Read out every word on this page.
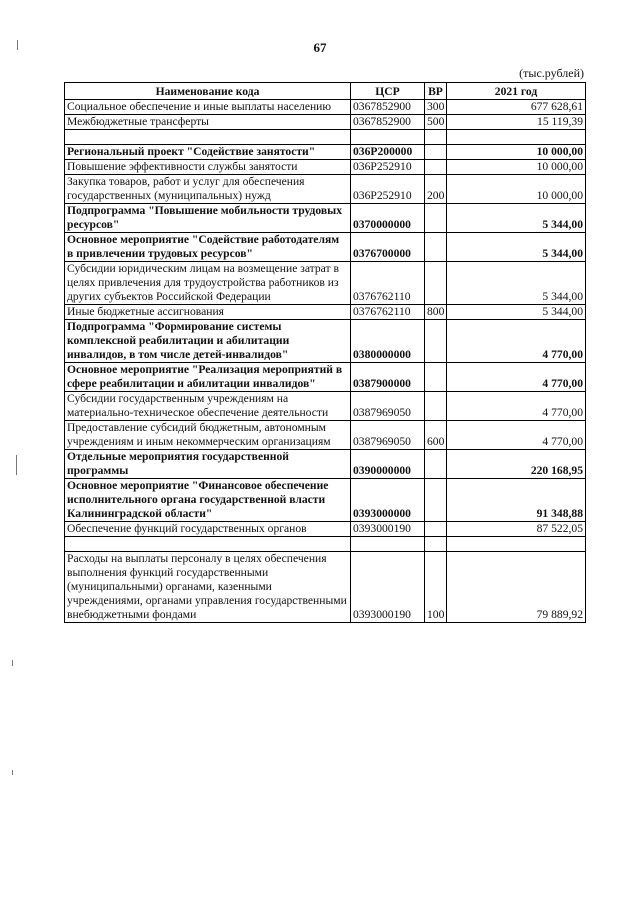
67
(тыс.рублей)
Наименование кода	ЦСР	ВР	2021 год
Социальное обеспечение и иные выплаты населению	0367852900	300	677 628,61
Межбюджетные трансферты	0367852900	500	15 119,39

Региональный проект "Содействие занятости"	036P200000		10 000,00
Повышение эффективности службы занятости	036P252910		10 000,00
Закупка товаров, работ и услуг для обеспечения государственных (муниципальных) нужд	036P252910	200	10 000,00
Подпрограмма "Повышение мобильности трудовых ресурсов"	0370000000		5 344,00
Основное мероприятие "Содействие работодателям в привлечении трудовых ресурсов"	0376700000		5 344,00
Субсидии юридическим лицам на возмещение затрат в целях привлечения для трудоустройства работников из других субъектов Российской Федерации	0376762110		5 344,00
Иные бюджетные ассигнования	0376762110	800	5 344,00
Подпрограмма "Формирование системы комплексной реабилитации и абилитации инвалидов, в том числе детей-инвалидов"	0380000000		4 770,00
Основное мероприятие "Реализация мероприятий в сфере реабилитации и абилитации инвалидов"	0387900000		4 770,00
Субсидии государственным учреждениям на материально-техническое обеспечение деятельности	0387969050		4 770,00
Предоставление субсидий бюджетным, автономным учреждениям и иным некоммерческим организациям	0387969050	600	4 770,00
Отдельные мероприятия государственной программы	0390000000		220 168,95
Основное мероприятие "Финансовое обеспечение исполнительного органа государственной власти Калининградской области"	0393000000		91 348,88
Обеспечение функций государственных органов	0393000190		87 522,05

Расходы на выплаты персоналу в целях обеспечения выполнения функций государственными (муниципальными) органами, казенными учреждениями, органами управления государственными внебюджетными фондами	0393000190	100	79 889,92
